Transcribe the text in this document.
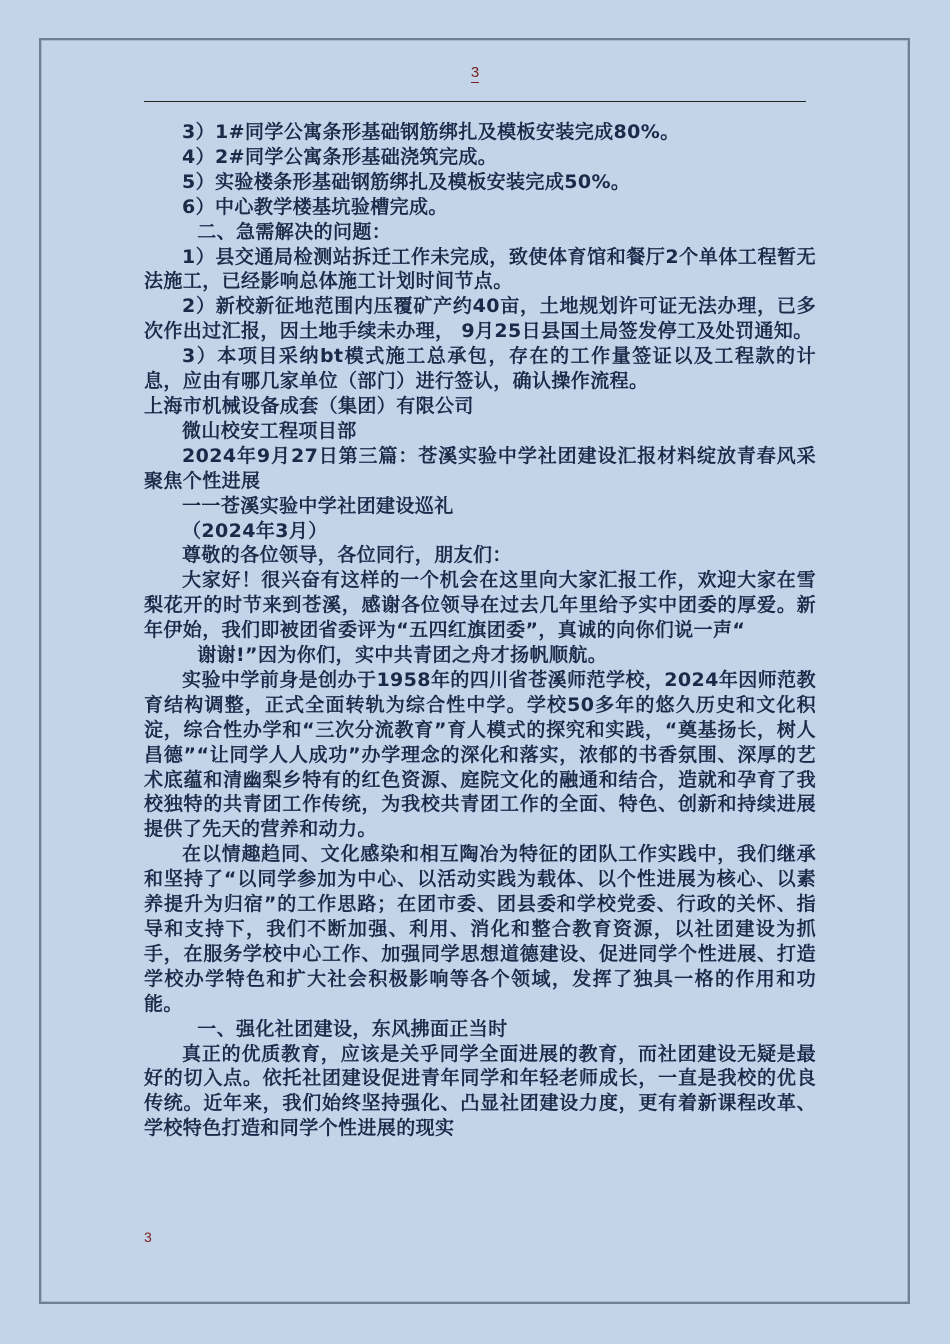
3

3）1#同学公寓条形基础钢筋绑扎及模板安装完成80%。

4）2#同学公寓条形基础浇筑完成。

5）实验楼条形基础钢筋绑扎及模板安装完成50%。

6）中心教学楼基坑验槽完成。

二、急需解决的问题：

1）县交通局检测站拆迁工作未完成，致使体育馆和餐厅2个单体工程暂无法施工，已经影响总体施工计划时间节点。

2）新校新征地范围内压覆矿产约40亩，土地规划许可证无法办理，已多次作出过汇报，因土地手续未办理， 9月25日县国土局签发停工及处罚通知。

3）本项目采纳bt模式施工总承包，存在的工作量签证以及工程款的计息，应由有哪几家单位（部门）进行签认，确认操作流程。

上海市机械设备成套（集团）有限公司

微山校安工程项目部

2024年9月27日第三篇：苍溪实验中学社团建设汇报材料绽放青春风采聚焦个性进展

一一苍溪实验中学社团建设巡礼

（2024年3月）

尊敬的各位领导，各位同行，朋友们：

大家好！很兴奋有这样的一个机会在这里向大家汇报工作，欢迎大家在雪梨花开的时节来到苍溪，感谢各位领导在过去几年里给予实中团委的厚爱。新年伊始，我们即被团省委评为“五四红旗团委”，真诚的向你们说一声“

谢谢!”因为你们，实中共青团之舟才扬帆顺航。

实验中学前身是创办于1958年的四川省苍溪师范学校，2024年因师范教育结构调整，正式全面转轨为综合性中学。学校50多年的悠久历史和文化积淀，综合性办学和“三次分流教育”育人模式的探究和实践，“奠基扬长，树人昌德”“让同学人人成功”办学理念的深化和落实，浓郁的书香氛围、深厚的艺术底蕴和清幽梨乡特有的红色资源、庭院文化的融通和结合，造就和孕育了我校独特的共青团工作传统，为我校共青团工作的全面、特色、创新和持续进展提供了先天的营养和动力。

在以情趣趋同、文化感染和相互陶冶为特征的团队工作实践中，我们继承和坚持了“以同学参加为中心、以活动实践为载体、以个性进展为核心、以素养提升为归宿”的工作思路；在团市委、团县委和学校党委、行政的关怀、指导和支持下，我们不断加强、利用、消化和整合教育资源，以社团建设为抓手，在服务学校中心工作、加强同学思想道德建设、促进同学个性进展、打造学校办学特色和扩大社会积极影响等各个领域，发挥了独具一格的作用和功能。

一、强化社团建设，东风拂面正当时

真正的优质教育，应该是关乎同学全面进展的教育，而社团建设无疑是最好的切入点。依托社团建设促进青年同学和年轻老师成长，一直是我校的优良传统。近年来，我们始终坚持强化、凸显社团建设力度，更有着新课程改革、学校特色打造和同学个性进展的现实

3
